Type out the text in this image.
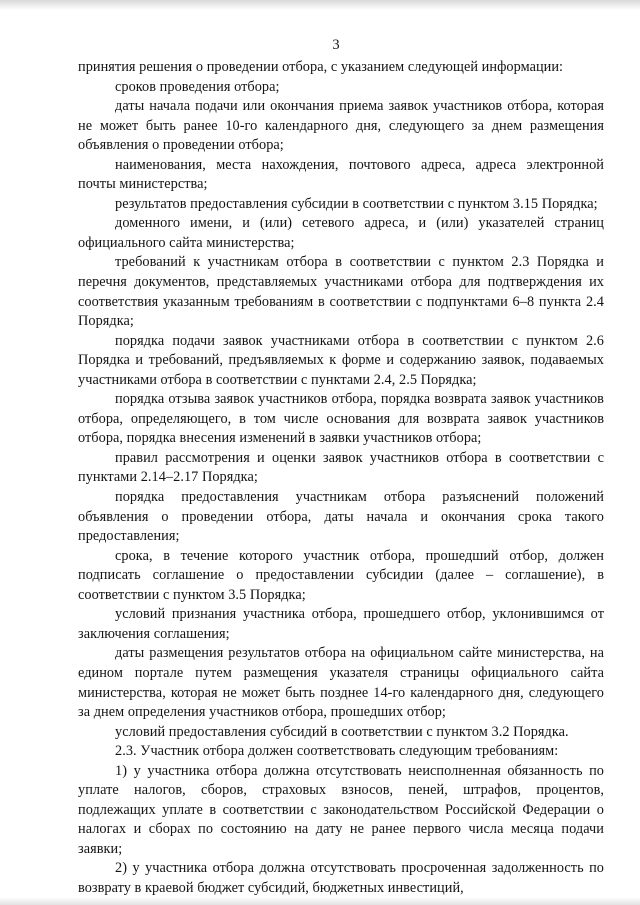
3

принятия решения о проведении отбора, с указанием следующей информации:

сроков проведения отбора;

даты начала подачи или окончания приема заявок участников отбора, которая не может быть ранее 10-го календарного дня, следующего за днем размещения объявления о проведении отбора;

наименования, места нахождения, почтового адреса, адреса электронной почты министерства;

результатов предоставления субсидии в соответствии с пунктом 3.15 Порядка;

доменного имени, и (или) сетевого адреса, и (или) указателей страниц официального сайта министерства;

требований к участникам отбора в соответствии с пунктом 2.3 Порядка и перечня документов, представляемых участниками отбора для подтверждения их соответствия указанным требованиям в соответствии с подпунктами 6–8 пункта 2.4 Порядка;

порядка подачи заявок участниками отбора в соответствии с пунктом 2.6 Порядка и требований, предъявляемых к форме и содержанию заявок, подаваемых участниками отбора в соответствии с пунктами 2.4, 2.5 Порядка;

порядка отзыва заявок участников отбора, порядка возврата заявок участников отбора, определяющего, в том числе основания для возврата заявок участников отбора, порядка внесения изменений в заявки участников отбора;

правил рассмотрения и оценки заявок участников отбора в соответствии с пунктами 2.14–2.17 Порядка;

порядка предоставления участникам отбора разъяснений положений объявления о проведении отбора, даты начала и окончания срока такого предоставления;

срока, в течение которого участник отбора, прошедший отбор, должен подписать соглашение о предоставлении субсидии (далее – соглашение), в соответствии с пунктом 3.5 Порядка;

условий признания участника отбора, прошедшего отбор, уклонившимся от заключения соглашения;

даты размещения результатов отбора на официальном сайте министерства, на едином портале путем размещения указателя страницы официального сайта министерства, которая не может быть позднее 14-го календарного дня, следующего за днем определения участников отбора, прошедших отбор;

условий предоставления субсидий в соответствии с пунктом 3.2 Порядка.

2.3. Участник отбора должен соответствовать следующим требованиям:

1) у участника отбора должна отсутствовать неисполненная обязанность по уплате налогов, сборов, страховых взносов, пеней, штрафов, процентов, подлежащих уплате в соответствии с законодательством Российской Федерации о налогах и сборах по состоянию на дату не ранее первого числа месяца подачи заявки;

2) у участника отбора должна отсутствовать просроченная задолженность по возврату в краевой бюджет субсидий, бюджетных инвестиций,
